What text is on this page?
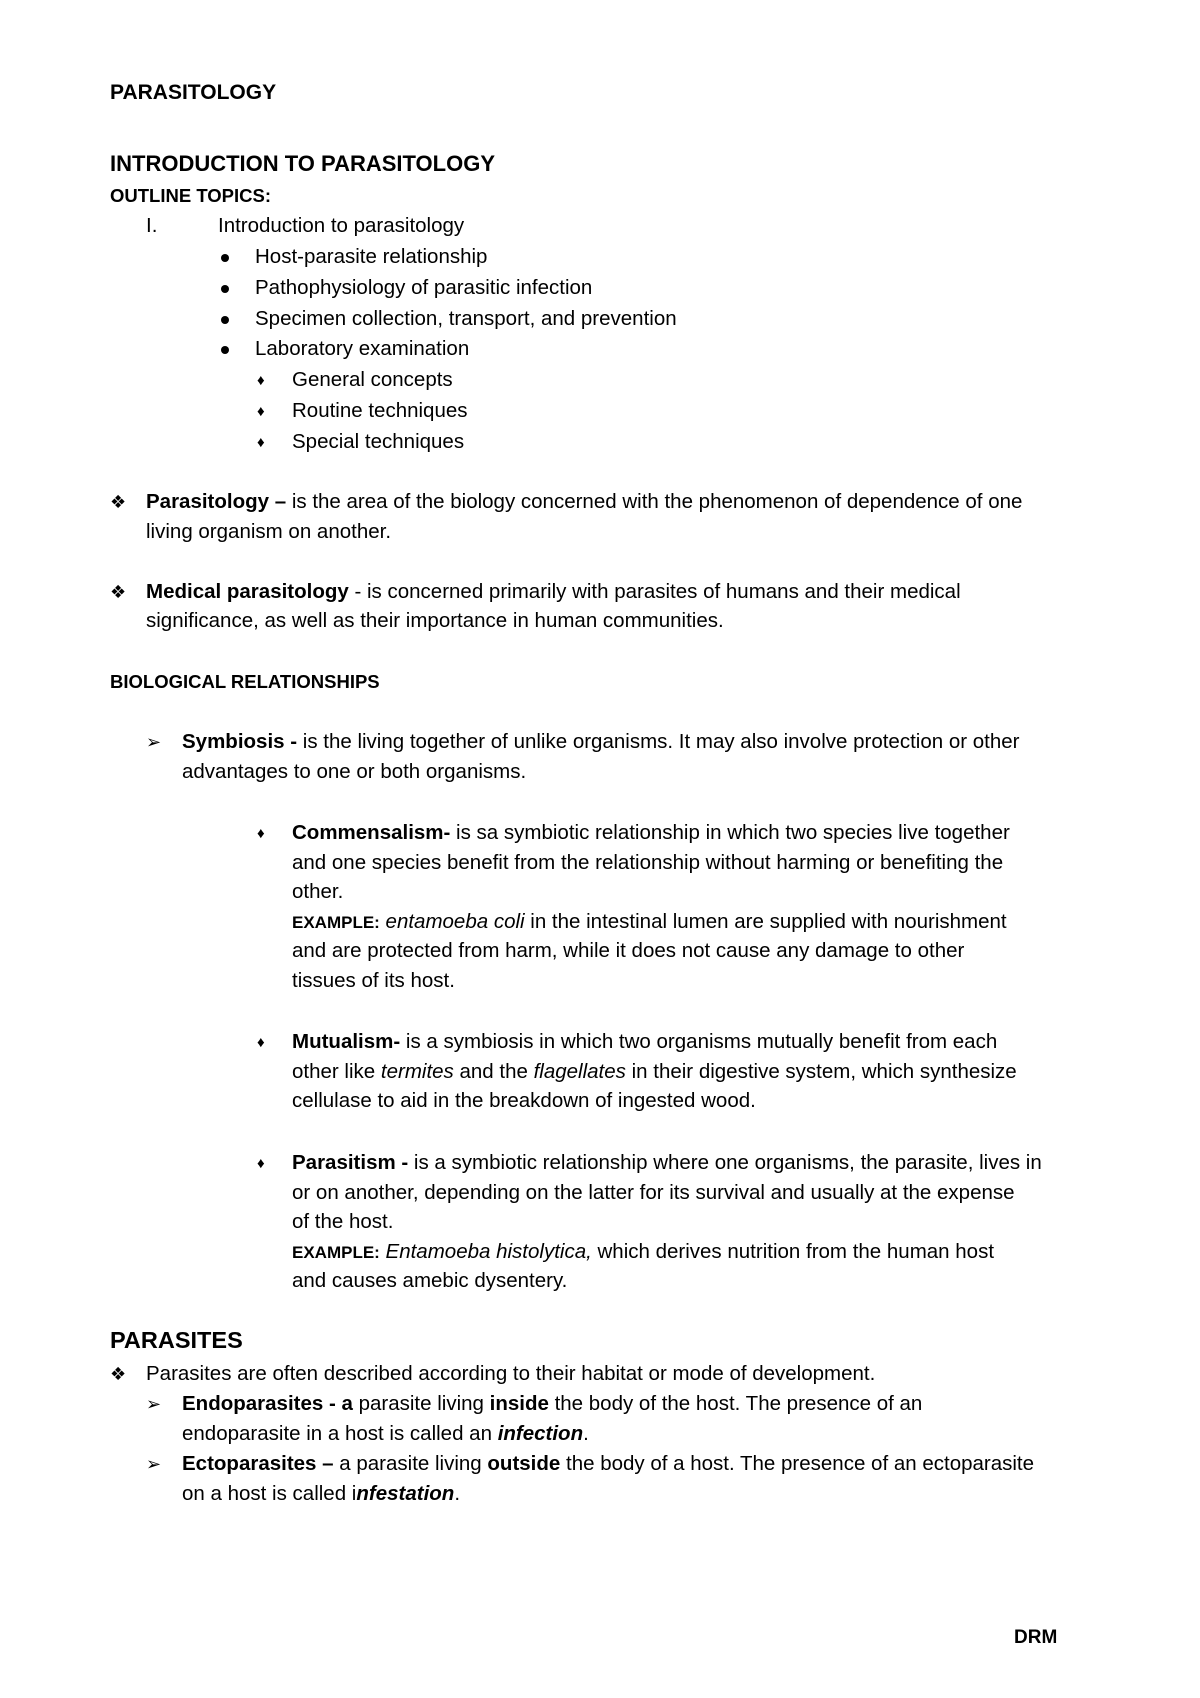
PARASITOLOGY
INTRODUCTION TO PARASITOLOGY
OUTLINE TOPICS:
I.	Introduction to parasitology
Host-parasite relationship
Pathophysiology of parasitic infection
Specimen collection, transport, and prevention
Laboratory examination
♦ General concepts
♦ Routine techniques
♦ Special techniques
❖ Parasitology – is the area of the biology concerned with the phenomenon of dependence of one
living organism on another.
❖ Medical parasitology - is concerned primarily with parasites of humans and their medical
significance, as well as their importance in human communities.
BIOLOGICAL RELATIONSHIPS
➢ Symbiosis - is the living together of unlike organisms. It may also involve protection or other
advantages to one or both organisms.
♦ Commensalism- is sa symbiotic relationship in which two species live together
and one species benefit from the relationship without harming or benefiting the
other.
EXAMPLE: entamoeba coli in the intestinal lumen are supplied with nourishment
and are protected from harm, while it does not cause any damage to other
tissues of its host.
♦ Mutualism- is a symbiosis in which two organisms mutually benefit from each
other like termites and the flagellates in their digestive system, which synthesize
cellulase to aid in the breakdown of ingested wood.
♦ Parasitism - is a symbiotic relationship where one organisms, the parasite, lives in
or on another, depending on the latter for its survival and usually at the expense
of the host.
EXAMPLE: Entamoeba histolytica, which derives nutrition from the human host
and causes amebic dysentery.
PARASITES
❖ Parasites are often described according to their habitat or mode of development.
➢ Endoparasites - a parasite living inside the body of the host. The presence of an
endoparasite in a host is called an infection.
➢ Ectoparasites – a parasite living outside the body of a host. The presence of an ectoparasite
on a host is called infestation.
DRM
